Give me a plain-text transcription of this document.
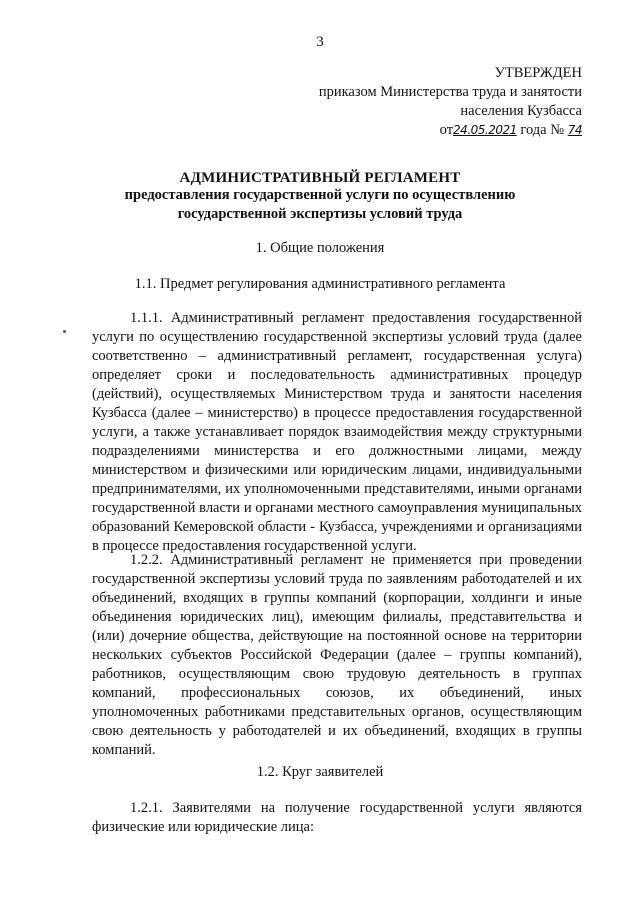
3
УТВЕРЖДЕН
приказом Министерства труда и занятости
населения Кузбасса
от24.05.2021 года № 74
АДМИНИСТРАТИВНЫЙ РЕГЛАМЕНТ
предоставления государственной услуги по осуществлению государственной экспертизы условий труда
1. Общие положения
1.1. Предмет регулирования административного регламента
1.1.1. Административный регламент предоставления государственной услуги по осуществлению государственной экспертизы условий труда (далее соответственно – административный регламент, государственная услуга) определяет сроки и последовательность административных процедур (действий), осуществляемых Министерством труда и занятости населения Кузбасса (далее – министерство) в процессе предоставления государственной услуги, а также устанавливает порядок взаимодействия между структурными подразделениями министерства и его должностными лицами, между министерством и физическими или юридическим лицами, индивидуальными предпринимателями, их уполномоченными представителями, иными органами государственной власти и органами местного самоуправления муниципальных образований Кемеровской области - Кузбасса, учреждениями и организациями в процессе предоставления государственной услуги.
1.2.2. Административный регламент не применяется при проведении государственной экспертизы условий труда по заявлениям работодателей и их объединений, входящих в группы компаний (корпорации, холдинги и иные объединения юридических лиц), имеющим филиалы, представительства и (или) дочерние общества, действующие на постоянной основе на территории нескольких субъектов Российской Федерации (далее – группы компаний), работников, осуществляющим свою трудовую деятельность в группах компаний, профессиональных союзов, их объединений, иных уполномоченных работниками представительных органов, осуществляющим свою деятельность у работодателей и их объединений, входящих в группы компаний.
1.2. Круг заявителей
1.2.1. Заявителями на получение государственной услуги являются физические или юридические лица:
